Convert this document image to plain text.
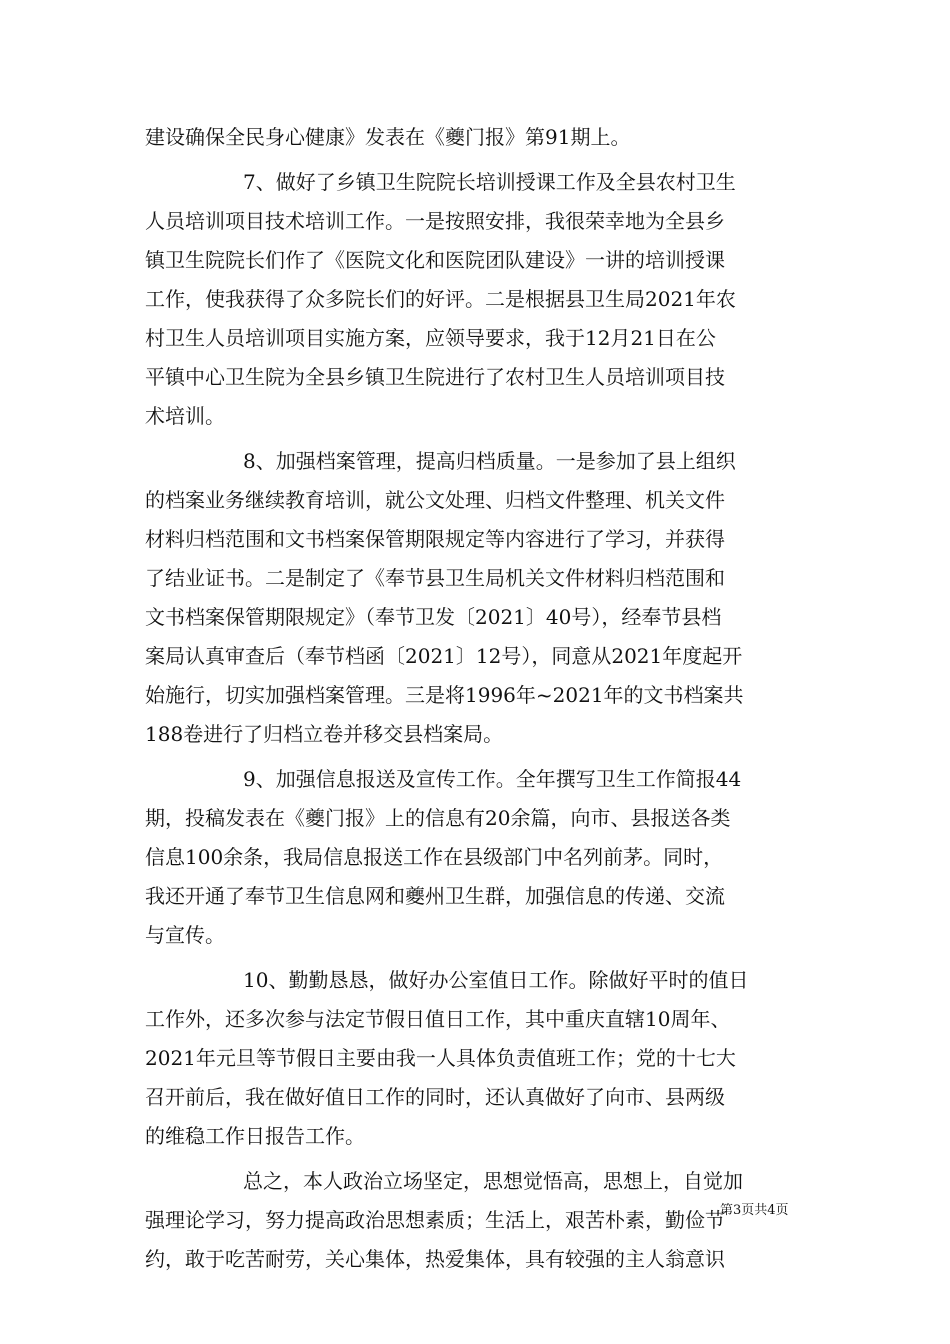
建设确保全民身心健康》发表在《夔门报》第91期上。
7、做好了乡镇卫生院院长培训授课工作及全县农村卫生
人员培训项目技术培训工作。一是按照安排，我很荣幸地为全县乡
镇卫生院院长们作了《医院文化和医院团队建设》一讲的培训授课
工作，使我获得了众多院长们的好评。二是根据县卫生局2021年农
村卫生人员培训项目实施方案，应领导要求，我于12月21日在公
平镇中心卫生院为全县乡镇卫生院进行了农村卫生人员培训项目技
术培训。
8、加强档案管理，提高归档质量。一是参加了县上组织
的档案业务继续教育培训，就公文处理、归档文件整理、机关文件
材料归档范围和文书档案保管期限规定等内容进行了学习，并获得
了结业证书。二是制定了《奉节县卫生局机关文件材料归档范围和
文书档案保管期限规定》（奉节卫发〔2021〕40号），经奉节县档
案局认真审查后（奉节档函〔2021〕12号），同意从2021年度起开
始施行，切实加强档案管理。三是将1996年~2021年的文书档案共
188卷进行了归档立卷并移交县档案局。
9、加强信息报送及宣传工作。全年撰写卫生工作简报44
期，投稿发表在《夔门报》上的信息有20余篇，向市、县报送各类
信息100余条，我局信息报送工作在县级部门中名列前茅。同时，
我还开通了奉节卫生信息网和夔州卫生群，加强信息的传递、交流
与宣传。
10、勤勤恳恳，做好办公室值日工作。除做好平时的值日
工作外，还多次参与法定节假日值日工作，其中重庆直辖10周年、
2021年元旦等节假日主要由我一人具体负责值班工作；党的十七大
召开前后，我在做好值日工作的同时，还认真做好了向市、县两级
的维稳工作日报告工作。
总之，本人政治立场坚定，思想觉悟高，思想上，自觉加
强理论学习，努力提高政治思想素质；生活上，艰苦朴素，勤俭节
约，敢于吃苦耐劳，关心集体，热爱集体，具有较强的主人翁意识
第3页共4页
